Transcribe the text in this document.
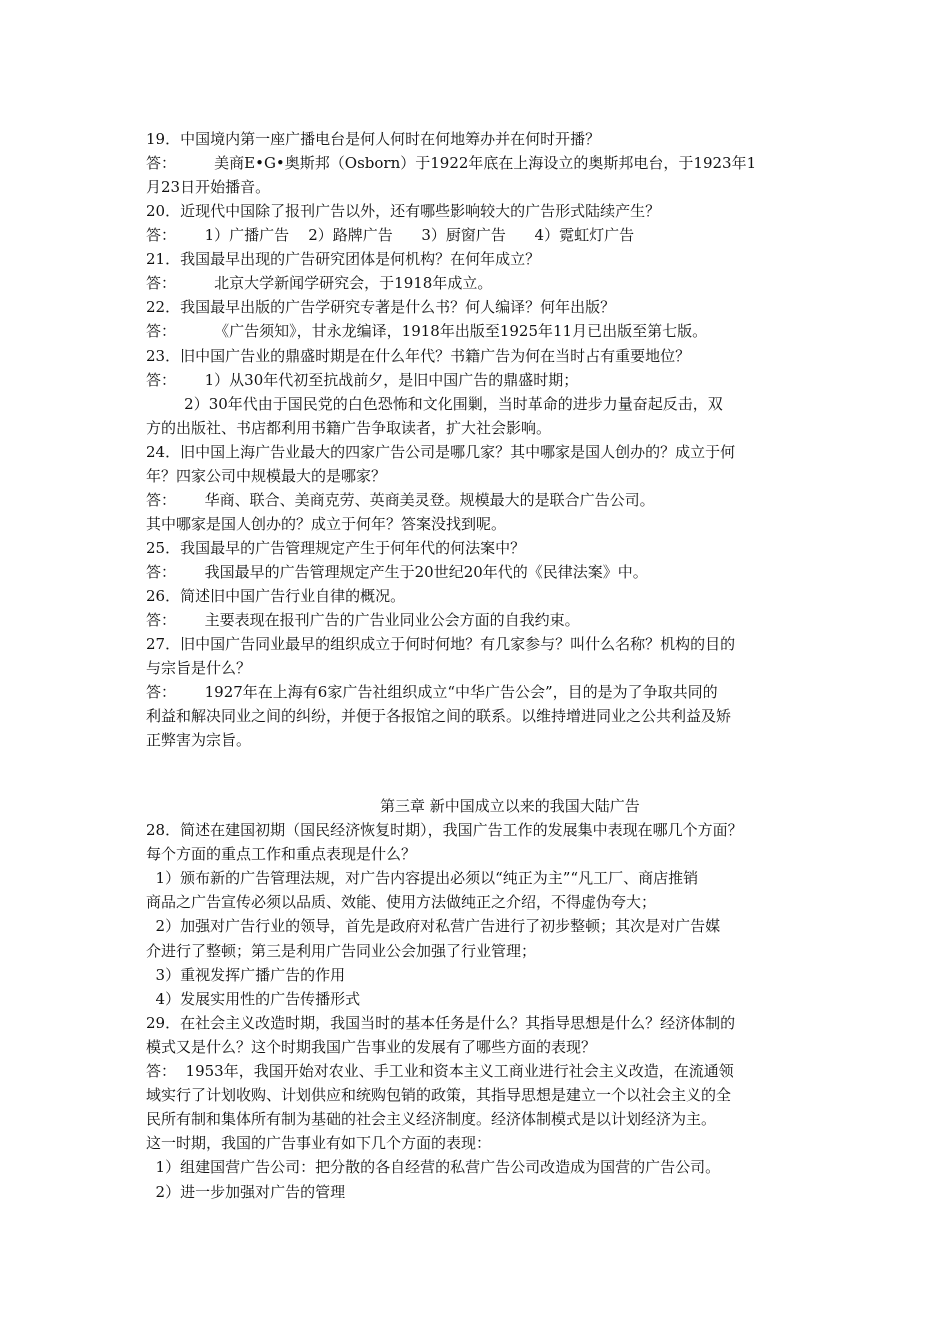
19．中国境内第一座广播电台是何人何时在何地筹办并在何时开播？
答：        美商E•G•奥斯邦（Osborn）于1922年底在上海设立的奥斯邦电台，于1923年1
月23日开始播音。
20．近现代中国除了报刊广告以外，还有哪些影响较大的广告形式陆续产生？
答：      1）广播广告    2）路牌广告      3）厨窗广告      4）霓虹灯广告
21．我国最早出现的广告研究团体是何机构？在何年成立？
答：        北京大学新闻学研究会，于1918年成立。
22．我国最早出版的广告学研究专著是什么书？何人编译？何年出版？
答：        《广告须知》，甘永龙编译，1918年出版至1925年11月已出版至第七版。
23．旧中国广告业的鼎盛时期是在什么年代？书籍广告为何在当时占有重要地位？
答：      1）从30年代初至抗战前夕，是旧中国广告的鼎盛时期；
2）30年代由于国民党的白色恐怖和文化围剿，当时革命的进步力量奋起反击，双
方的出版社、书店都利用书籍广告争取读者，扩大社会影响。
24．旧中国上海广告业最大的四家广告公司是哪几家？其中哪家是国人创办的？成立于何
年？四家公司中规模最大的是哪家？
答：      华商、联合、美商克劳、英商美灵登。规模最大的是联合广告公司。
其中哪家是国人创办的？成立于何年？答案没找到呢。
25．我国最早的广告管理规定产生于何年代的何法案中？
答：      我国最早的广告管理规定产生于20世纪20年代的《民律法案》中。
26．简述旧中国广告行业自律的概况。
答：      主要表现在报刊广告的广告业同业公会方面的自我约束。
27．旧中国广告同业最早的组织成立于何时何地？有几家参与？叫什么名称？机构的目的
与宗旨是什么？
答：      1927年在上海有6家广告社组织成立“中华广告公会”，目的是为了争取共同的
利益和解决同业之间的纠纷，并便于各报馆之间的联系。以维持增进同业之公共利益及矫
正弊害为宗旨。
28．简述在建国初期（国民经济恢复时期），我国广告工作的发展集中表现在哪几个方面？
每个方面的重点工作和重点表现是什么？
1）颁布新的广告管理法规，对广告内容提出必须以“纯正为主”“凡工厂、商店推销
商品之广告宣传必须以品质、效能、使用方法做纯正之介绍，不得虚伪夸大；
2）加强对广告行业的领导，首先是政府对私营广告进行了初步整顿；其次是对广告媒
介进行了整顿；第三是利用广告同业公会加强了行业管理；
3）重视发挥广播广告的作用
4）发展实用性的广告传播形式
29．在社会主义改造时期，我国当时的基本任务是什么？其指导思想是什么？经济体制的
模式又是什么？这个时期我国广告事业的发展有了哪些方面的表现？
答：  1953年，我国开始对农业、手工业和资本主义工商业进行社会主义改造，在流通领
域实行了计划收购、计划供应和统购包销的政策，其指导思想是建立一个以社会主义的全
民所有制和集体所有制为基础的社会主义经济制度。经济体制模式是以计划经济为主。
这一时期，我国的广告事业有如下几个方面的表现：
1）组建国营广告公司：把分散的各自经营的私营广告公司改造成为国营的广告公司。
2）进一步加强对广告的管理
第三章 新中国成立以来的我国大陆广告
